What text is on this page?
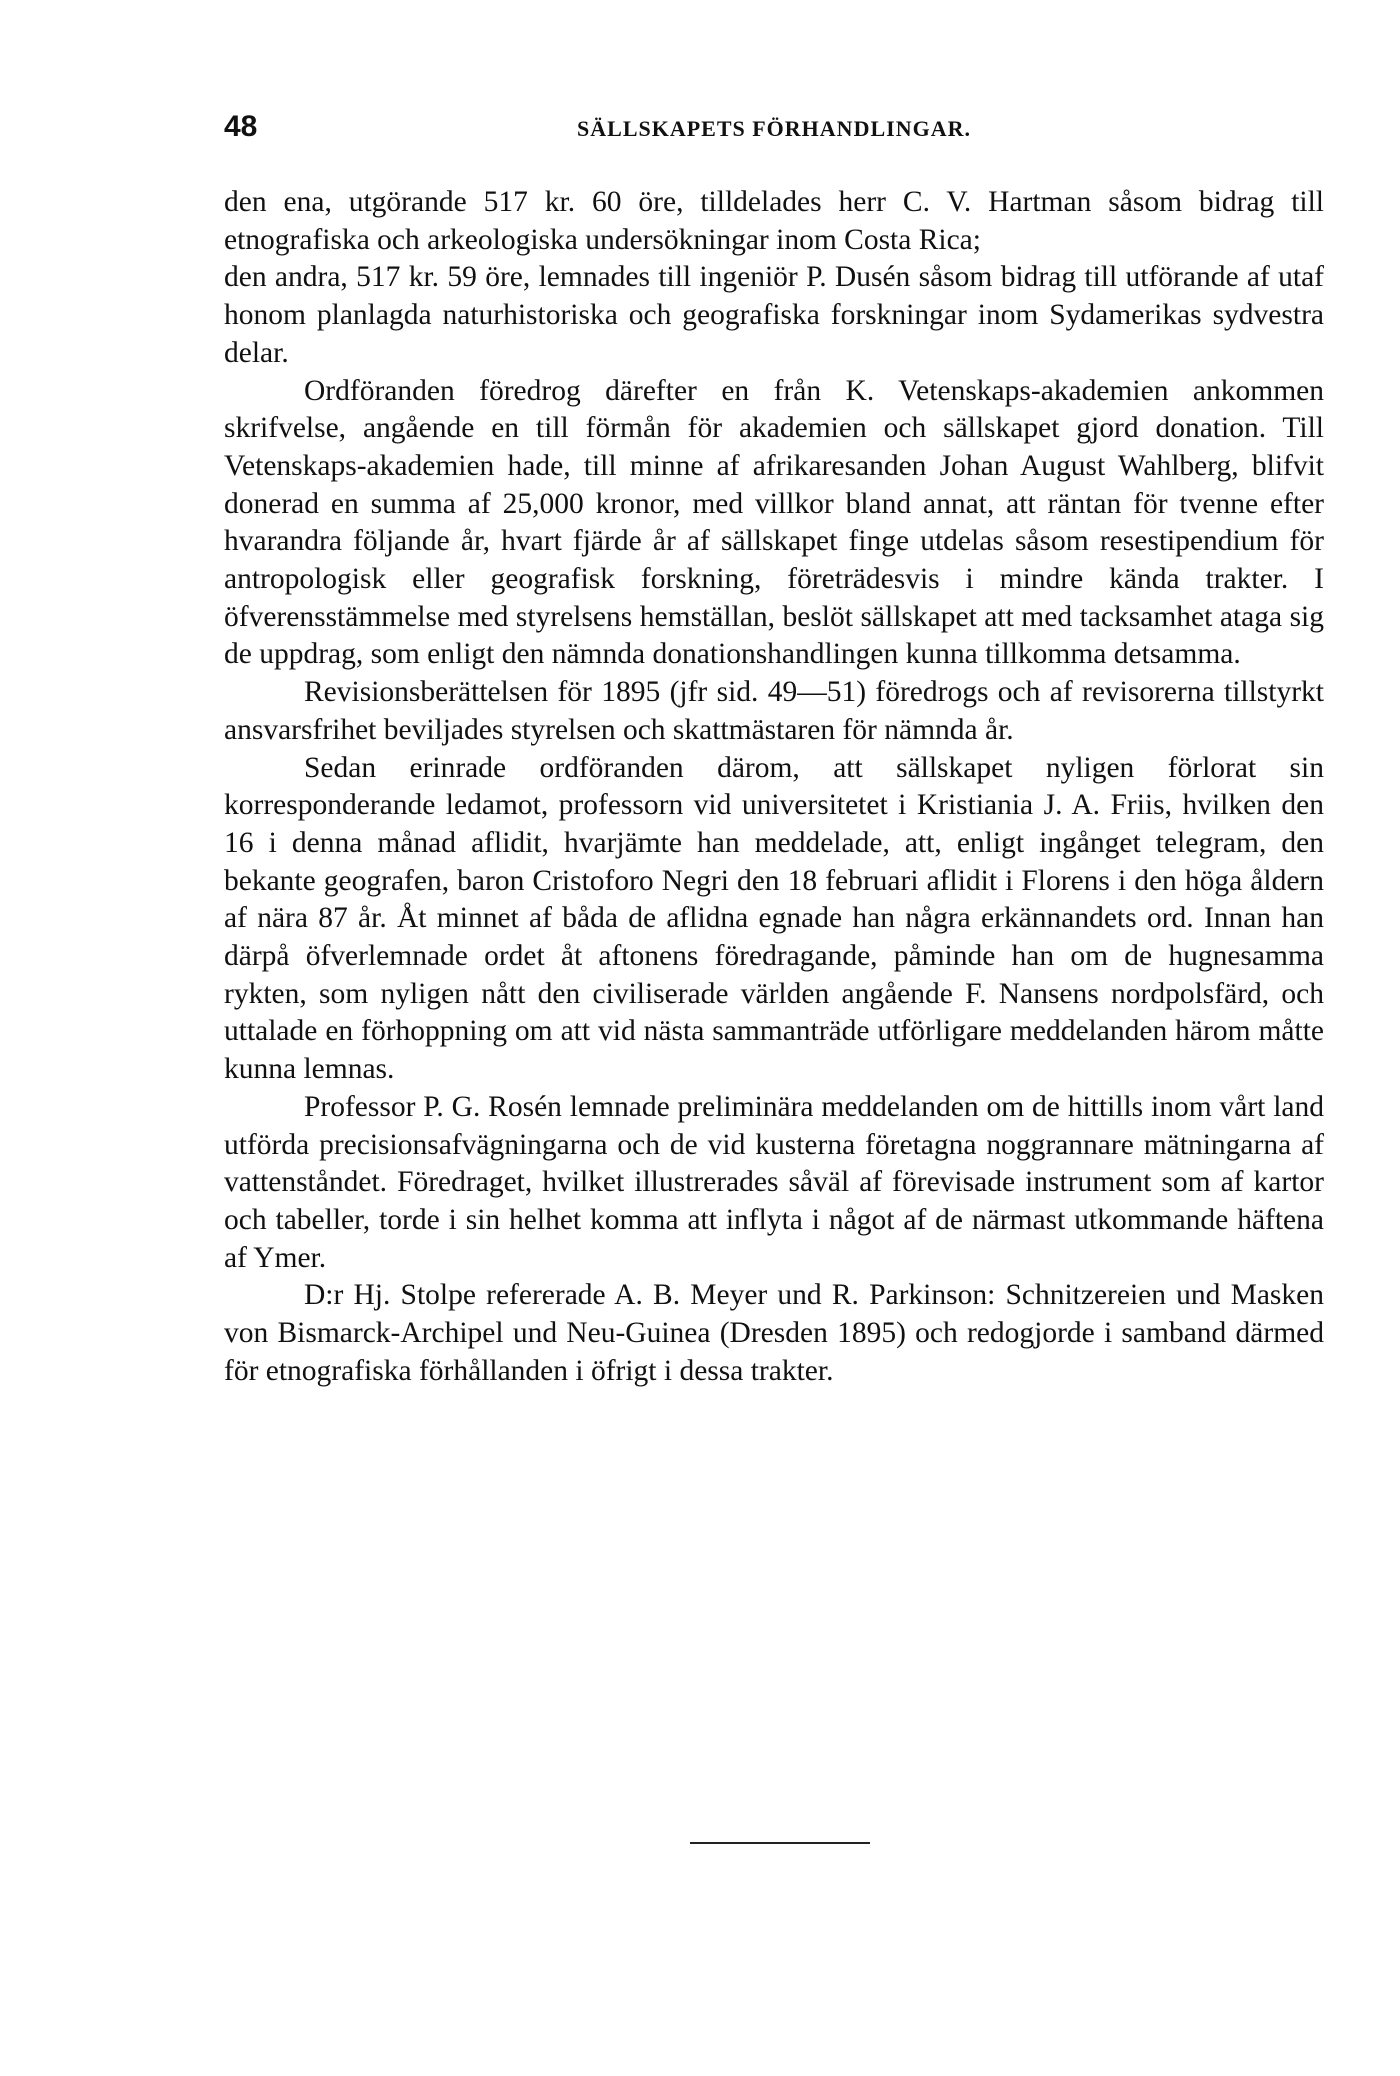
48	SÄLLSKAPETS FÖRHANDLINGAR.

den ena, utgörande 517 kr. 60 öre, tilldelades herr C. V. Hartman såsom bidrag till etnografiska och arkeologiska undersökningar inom Costa Rica;

den andra, 517 kr. 59 öre, lemnades till ingeniör P. Dusén såsom bidrag till utförande af utaf honom planlagda naturhistoriska och geografiska forskningar inom Sydamerikas sydvestra delar.

Ordföranden föredrog därefter en från K. Vetenskaps-akademien ankommen skrifvelse, angående en till förmån för akademien och sällskapet gjord donation. Till Vetenskaps-akademien hade, till minne af afrikaresanden Johan August Wahlberg, blifvit donerad en summa af 25,000 kronor, med villkor bland annat, att räntan för tvenne efter hvarandra följande år, hvart fjärde år af sällskapet finge utdelas såsom resestipendium för antropologisk eller geografisk forskning, företrädesvis i mindre kända trakter. I öfverensstämmelse med styrelsens hemställan, beslöt sällskapet att med tacksamhet ataga sig de uppdrag, som enligt den nämnda donationshandlingen kunna tillkomma detsamma.

Revisionsberättelsen för 1895 (jfr sid. 49—51) föredrogs och af revisorerna tillstyrkt ansvarsfrihet beviljades styrelsen och skattmästaren för nämnda år.

Sedan erinrade ordföranden därom, att sällskapet nyligen förlorat sin korresponderande ledamot, professorn vid universitetet i Kristiania J. A. Friis, hvilken den 16 i denna månad aflidit, hvarjämte han meddelade, att, enligt ingånget telegram, den bekante geografen, baron Cristoforo Negri den 18 februari aflidit i Florens i den höga åldern af nära 87 år. Åt minnet af båda de aflidna egnade han några erkännandets ord. Innan han därpå öfverlemnade ordet åt aftonens föredragande, påminde han om de hugnesamma rykten, som nyligen nått den civiliserade världen angående F. Nansens nordpolsfärd, och uttalade en förhoppning om att vid nästa sammanträde utförligare meddelanden härom måtte kunna lemnas.

Professor P. G. Rosén lemnade preliminära meddelanden om de hittills inom vårt land utförda precisionsafvägningarna och de vid kusterna företagna noggrannare mätningarna af vattenståndet. Föredraget, hvilket illustrerades såväl af förevisade instrument som af kartor och tabeller, torde i sin helhet komma att inflyta i något af de närmast utkommande häftena af Ymer.

D:r Hj. Stolpe refererade A. B. Meyer und R. Parkinson: Schnitzereien und Masken von Bismarck-Archipel und Neu-Guinea (Dresden 1895) och redogjorde i samband därmed för etnografiska förhållanden i öfrigt i dessa trakter.
